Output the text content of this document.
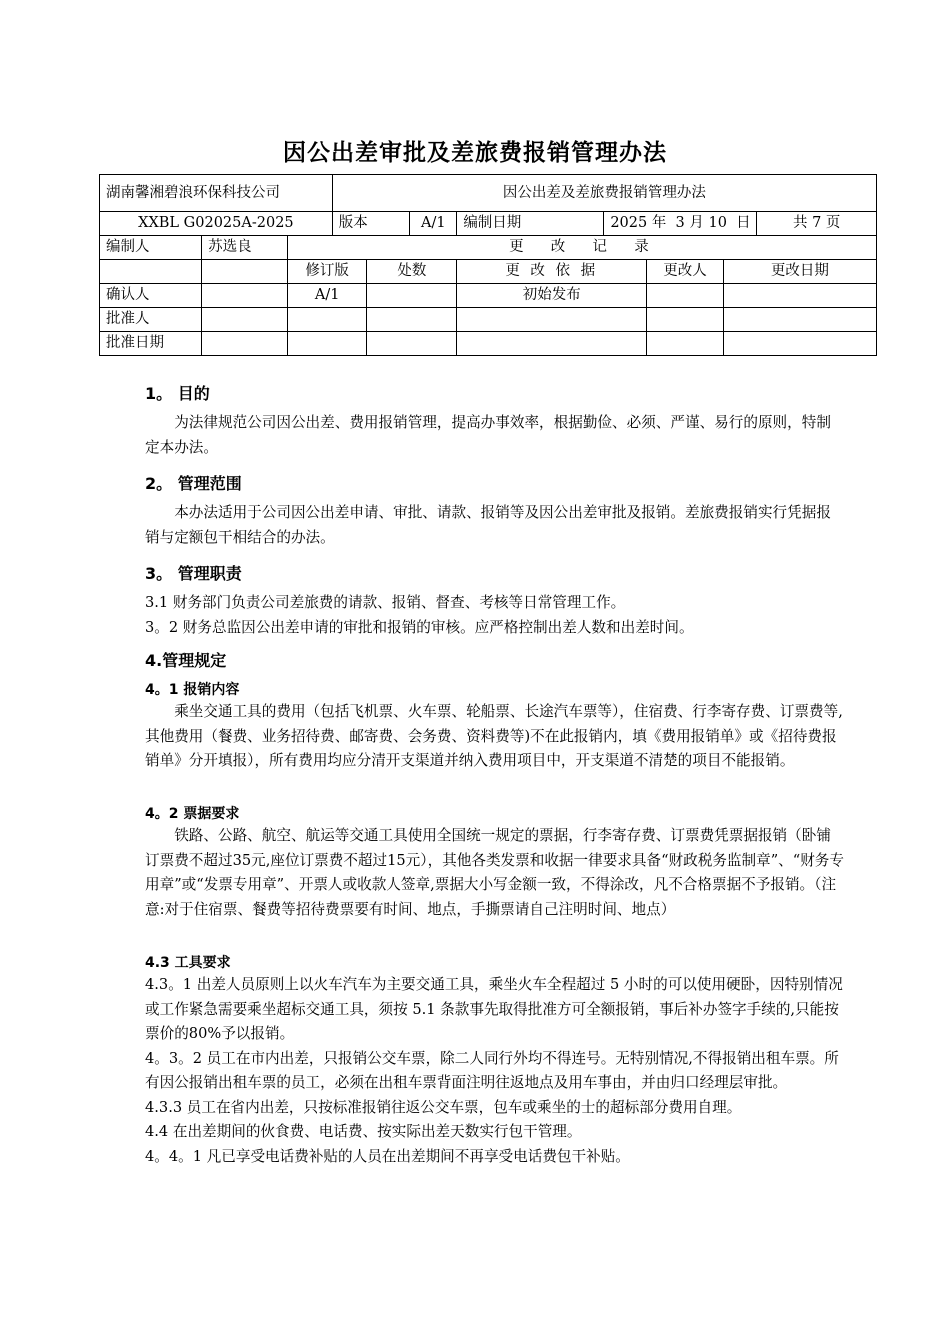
因公出差审批及差旅费报销管理办法
湖南馨湘碧浪环保科技公司			因公出差及差旅费报销管理办法							
XXBL G02025A-2025			版本		A/1	编制日期	2025 年  3 月 10  日			共 7 页
编制人	苏选良	更  改  记  录								
		修订版		处数		更 改 依 据		更改人	更改日期	
确认人		A/1				初始发布				
批准人										
批准日期										
1。 目的

为法律规范公司因公出差、费用报销管理，提高办事效率，根据勤俭、必须、严谨、易行的原则，特制定本办法。

2。 管理范围

本办法适用于公司因公出差申请、审批、请款、报销等及因公出差审批及报销。差旅费报销实行凭据报销与定额包干相结合的办法。

3。 管理职责

3.1 财务部门负责公司差旅费的请款、报销、督查、考核等日常管理工作。

3。2 财务总监因公出差申请的审批和报销的审核。应严格控制出差人数和出差时间。

4.管理规定
4。1 报销内容

乘坐交通工具的费用（包括飞机票、火车票、轮船票、长途汽车票等），住宿费、行李寄存费、订票费等,其他费用（餐费、业务招待费、邮寄费、会务费、资料费等)不在此报销内，填《费用报销单》或《招待费报销单》分开填报），所有费用均应分清开支渠道并纳入费用项目中，开支渠道不清楚的项目不能报销。

4。2 票据要求

铁路、公路、航空、航运等交通工具使用全国统一规定的票据，行李寄存费、订票费凭票据报销（卧铺订票费不超过35元,座位订票费不超过15元），其他各类发票和收据一律要求具备“财政税务监制章”、“财务专用章”或“发票专用章”、开票人或收款人签章,票据大小写金额一致，不得涂改，凡不合格票据不予报销。（注意:对于住宿票、餐费等招待费票要有时间、地点，手撕票请自己注明时间、地点）

4.3 工具要求

4.3。1 出差人员原则上以火车汽车为主要交通工具，乘坐火车全程超过 5 小时的可以使用硬卧，因特别情况或工作紧急需要乘坐超标交通工具，须按 5.1 条款事先取得批准方可全额报销，事后补办签字手续的,只能按票价的80%予以报销。

4。3。2 员工在市内出差，只报销公交车票，除二人同行外均不得连号。无特别情况,不得报销出租车票。所有因公报销出租车票的员工，必须在出租车票背面注明往返地点及用车事由，并由归口经理层审批。

4.3.3 员工在省内出差，只按标准报销往返公交车票，包车或乘坐的士的超标部分费用自理。

4.4 在出差期间的伙食费、电话费、按实际出差天数实行包干管理。

4。4。1 凡已享受电话费补贴的人员在出差期间不再享受电话费包干补贴。
